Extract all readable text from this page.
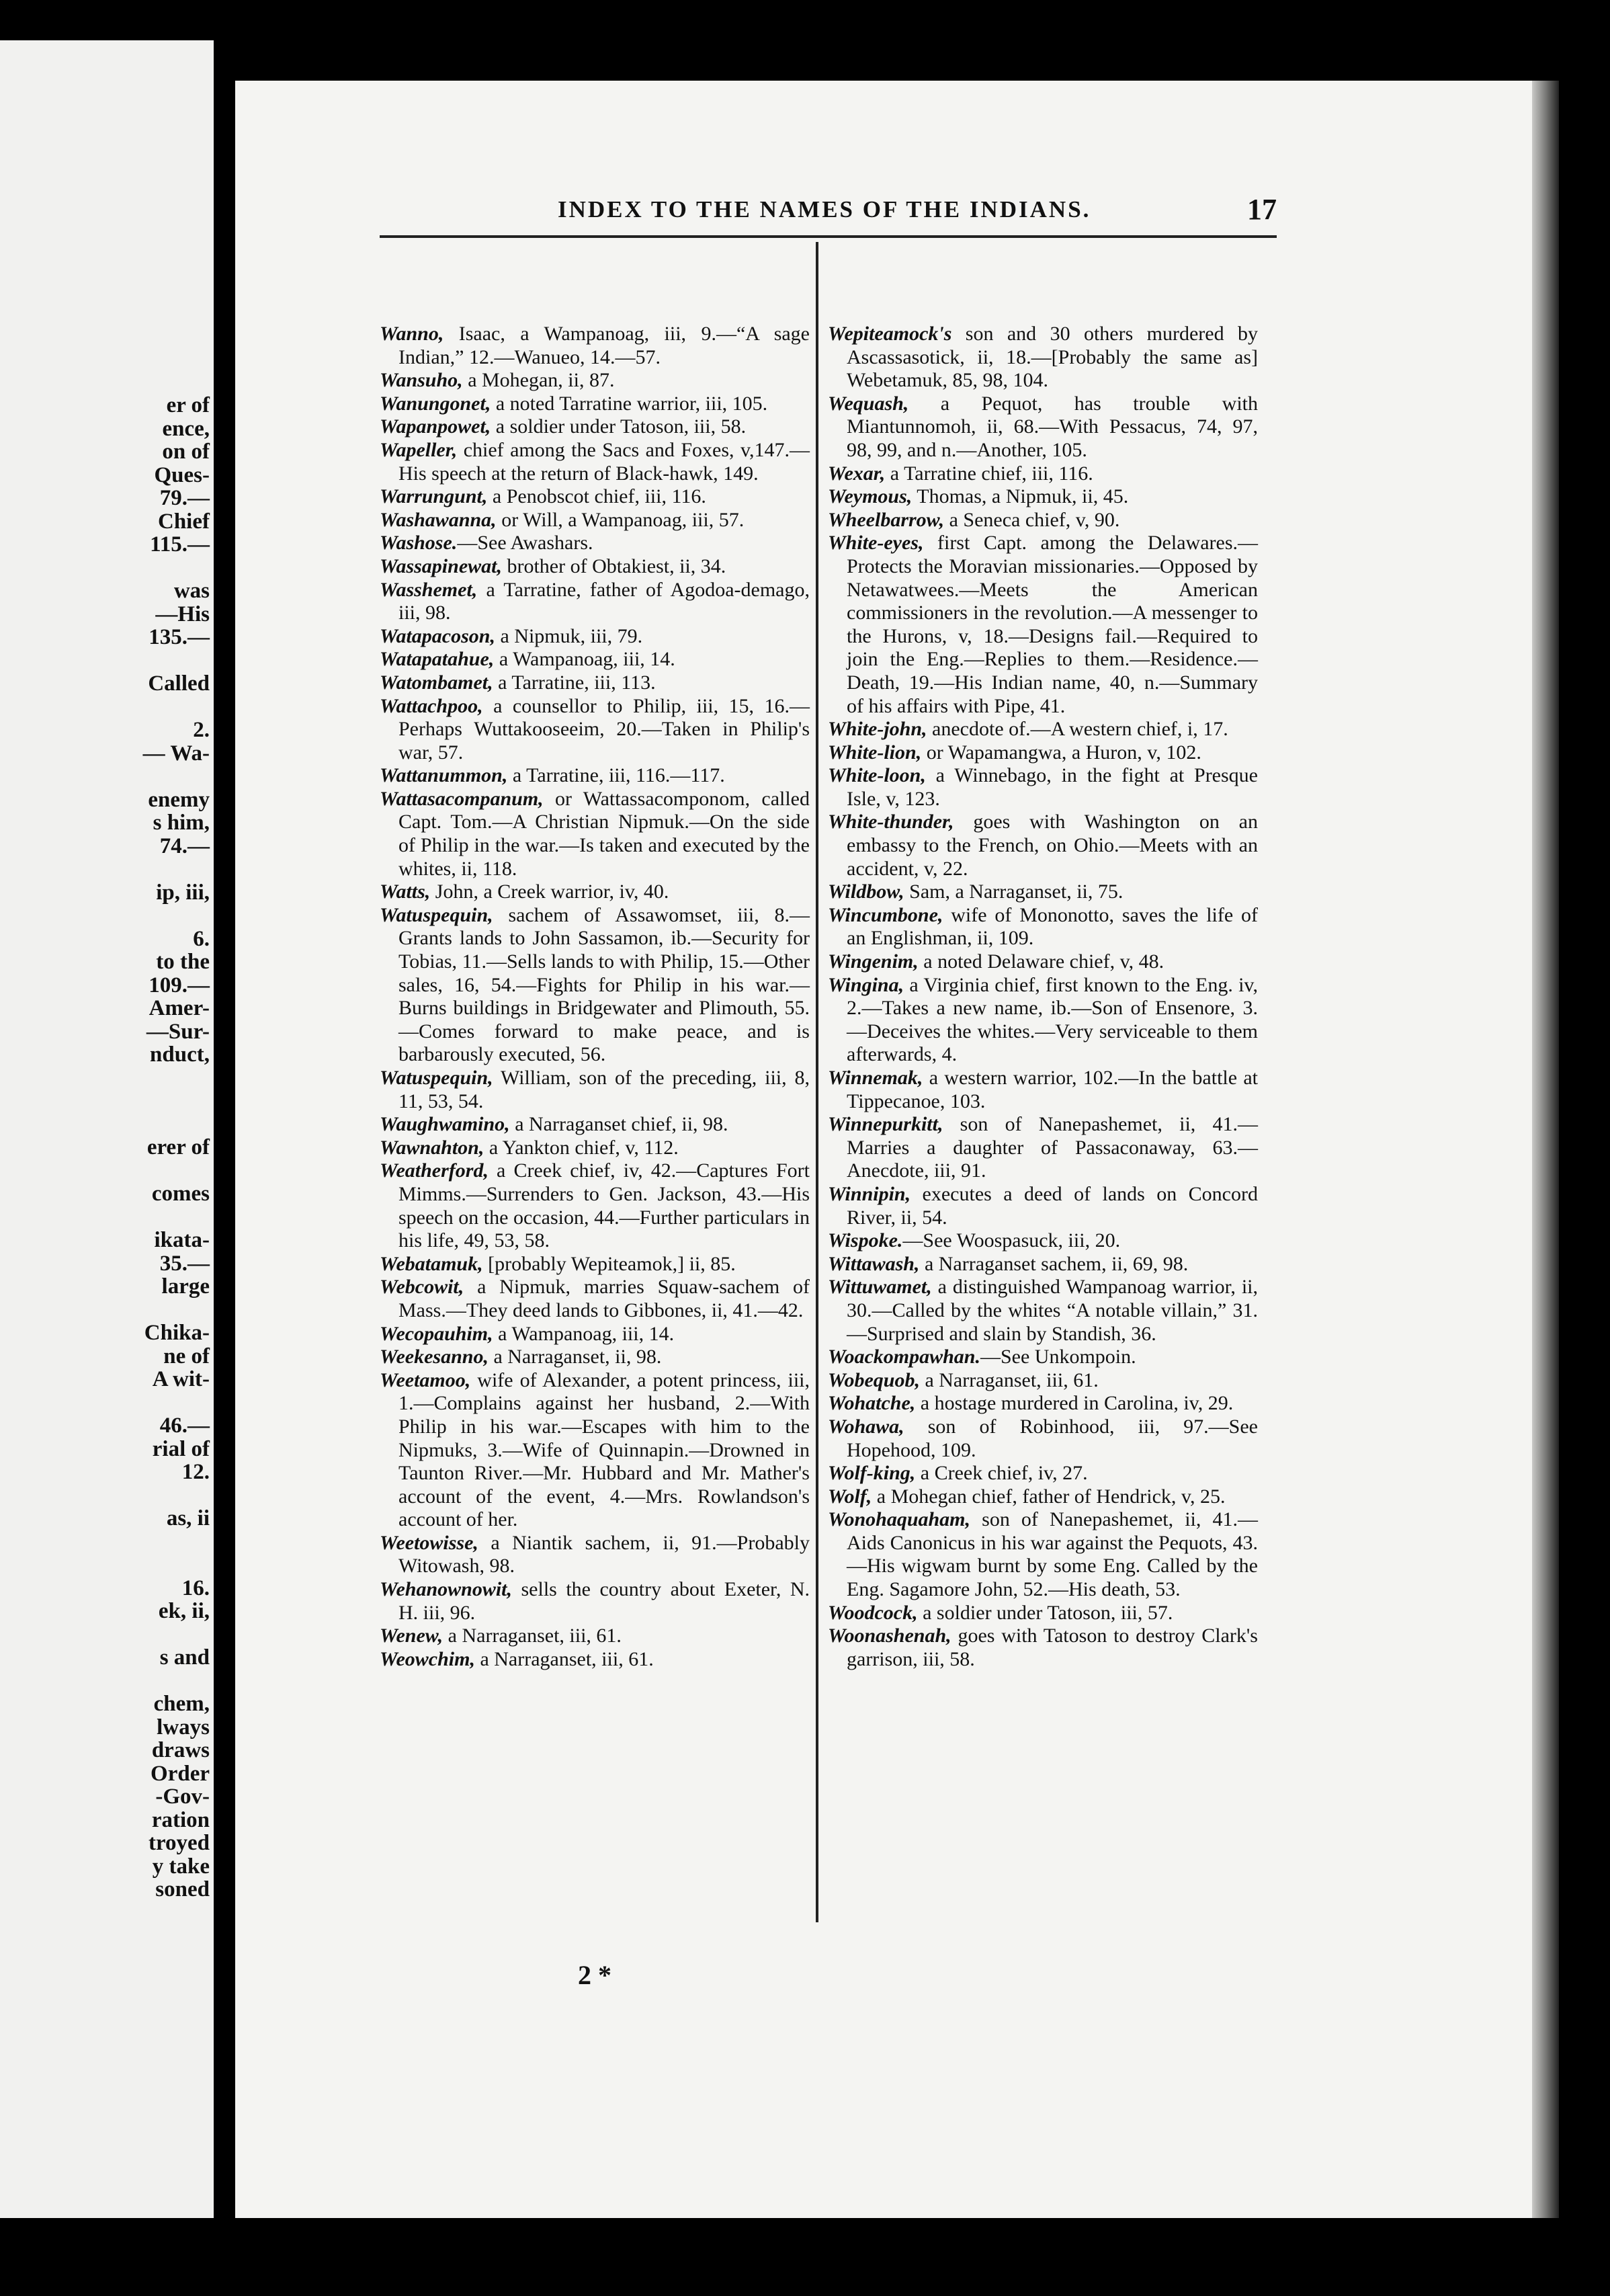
er of

ence,

on of

Ques-

79.—

Chief

115.—

was

—His

135.—

Called

2.

— Wa-

enemy

s him,

74.—

ip, iii,

6.

to the

109.—

Amer-

—Sur-

nduct,

erer of

comes

ikata-

35.—

large

Chika-

ne of

A wit-

46.—

rial of

12.

as, ii

16.

ek, ii,

s and

chem,

lways

draws

Order

-Gov-

ration

troyed

y take

soned

INDEX TO THE NAMES OF THE INDIANS.	17

Wanno, Isaac, a Wampanoag, iii, 9.—“A sage Indian,” 12.—Wanueo, 14.—57.

Wansuho, a Mohegan, ii, 87.

Wanungonet, a noted Tarratine warrior, iii, 105.

Wapanpowet, a soldier under Tatoson, iii, 58.

Wapeller, chief among the Sacs and Foxes, v,147.—His speech at the return of Black-hawk, 149.

Warrungunt, a Penobscot chief, iii, 116.

Washawanna, or Will, a Wampanoag, iii, 57.

Washose.—See Awashars.

Wassapinewat, brother of Obtakiest, ii, 34.

Wasshemet, a Tarratine, father of Agodoa-demago, iii, 98.

Watapacoson, a Nipmuk, iii, 79.

Watapatahue, a Wampanoag, iii, 14.

Watombamet, a Tarratine, iii, 113.

Wattachpoo, a counsellor to Philip, iii, 15, 16.—Perhaps Wuttakooseeim, 20.—Taken in Philip's war, 57.

Wattanummon, a Tarratine, iii, 116.—117.

Wattasacompanum, or Wattassacomponom, called Capt. Tom.—A Christian Nipmuk.—On the side of Philip in the war.—Is taken and executed by the whites, ii, 118.

Watts, John, a Creek warrior, iv, 40.

Watuspequin, sachem of Assawomset, iii, 8.—Grants lands to John Sassamon, ib.—Security for Tobias, 11.—Sells lands to with Philip, 15.—Other sales, 16, 54.—Fights for Philip in his war.—Burns buildings in Bridgewater and Plimouth, 55.—Comes forward to make peace, and is barbarously executed, 56.

Watuspequin, William, son of the preceding, iii, 8, 11, 53, 54.

Waughwamino, a Narraganset chief, ii, 98.

Wawnahton, a Yankton chief, v, 112.

Weatherford, a Creek chief, iv, 42.—Captures Fort Mimms.—Surrenders to Gen. Jackson, 43.—His speech on the occasion, 44.—Further particulars in his life, 49, 53, 58.

Webatamuk, [probably Wepiteamok,] ii, 85.

Webcowit, a Nipmuk, marries Squaw-sachem of Mass.—They deed lands to Gibbones, ii, 41.—42.

Wecopauhim, a Wampanoag, iii, 14.

Weekesanno, a Narraganset, ii, 98.

Weetamoo, wife of Alexander, a potent princess, iii, 1.—Complains against her husband, 2.—With Philip in his war.—Escapes with him to the Nipmuks, 3.—Wife of Quinnapin.—Drowned in Taunton River.—Mr. Hubbard and Mr. Mather's account of the event, 4.—Mrs. Rowlandson's account of her.

Weetowisse, a Niantik sachem, ii, 91.—Probably Witowash, 98.

Wehanownowit, sells the country about Exeter, N. H. iii, 96.

Wenew, a Narraganset, iii, 61.

Weowchim, a Narraganset, iii, 61.

Wepiteamock's son and 30 others murdered by Ascassasotick, ii, 18.—[Probably the same as] Webetamuk, 85, 98, 104.

Wequash, a Pequot, has trouble with Miantunnomoh, ii, 68.—With Pessacus, 74, 97, 98, 99, and n.—Another, 105.

Wexar, a Tarratine chief, iii, 116.

Weymous, Thomas, a Nipmuk, ii, 45.

Wheelbarrow, a Seneca chief, v, 90.

White-eyes, first Capt. among the Delawares.—Protects the Moravian missionaries.—Opposed by Netawatwees.—Meets the American commissioners in the revolution.—A messenger to the Hurons, v, 18.—Designs fail.—Required to join the Eng.—Replies to them.—Residence.—Death, 19.—His Indian name, 40, n.—Summary of his affairs with Pipe, 41.

White-john, anecdote of.—A western chief, i, 17.

White-lion, or Wapamangwa, a Huron, v, 102.

White-loon, a Winnebago, in the fight at Presque Isle, v, 123.

White-thunder, goes with Washington on an embassy to the French, on Ohio.—Meets with an accident, v, 22.

Wildbow, Sam, a Narraganset, ii, 75.

Wincumbone, wife of Mononotto, saves the life of an Englishman, ii, 109.

Wingenim, a noted Delaware chief, v, 48.

Wingina, a Virginia chief, first known to the Eng. iv, 2.—Takes a new name, ib.—Son of Ensenore, 3.—Deceives the whites.—Very serviceable to them afterwards, 4.

Winnemak, a western warrior, 102.—In the battle at Tippecanoe, 103.

Winnepurkitt, son of Nanepashemet, ii, 41.—Marries a daughter of Passaconaway, 63.—Anecdote, iii, 91.

Winnipin, executes a deed of lands on Concord River, ii, 54.

Wispoke.—See Woospasuck, iii, 20.

Wittawash, a Narraganset sachem, ii, 69, 98.

Wittuwamet, a distinguished Wampanoag warrior, ii, 30.—Called by the whites “A notable villain,” 31.—Surprised and slain by Standish, 36.

Woackompawhan.—See Unkompoin.

Wobequob, a Narraganset, iii, 61.

Wohatche, a hostage murdered in Carolina, iv, 29.

Wohawa, son of Robinhood, iii, 97.—See Hopehood, 109.

Wolf-king, a Creek chief, iv, 27.

Wolf, a Mohegan chief, father of Hendrick, v, 25.

Wonohaquaham, son of Nanepashemet, ii, 41.—Aids Canonicus in his war against the Pequots, 43.—His wigwam burnt by some Eng. Called by the Eng. Sagamore John, 52.—His death, 53.

Woodcock, a soldier under Tatoson, iii, 57.

Woonashenah, goes with Tatoson to destroy Clark's garrison, iii, 58.

2 *
